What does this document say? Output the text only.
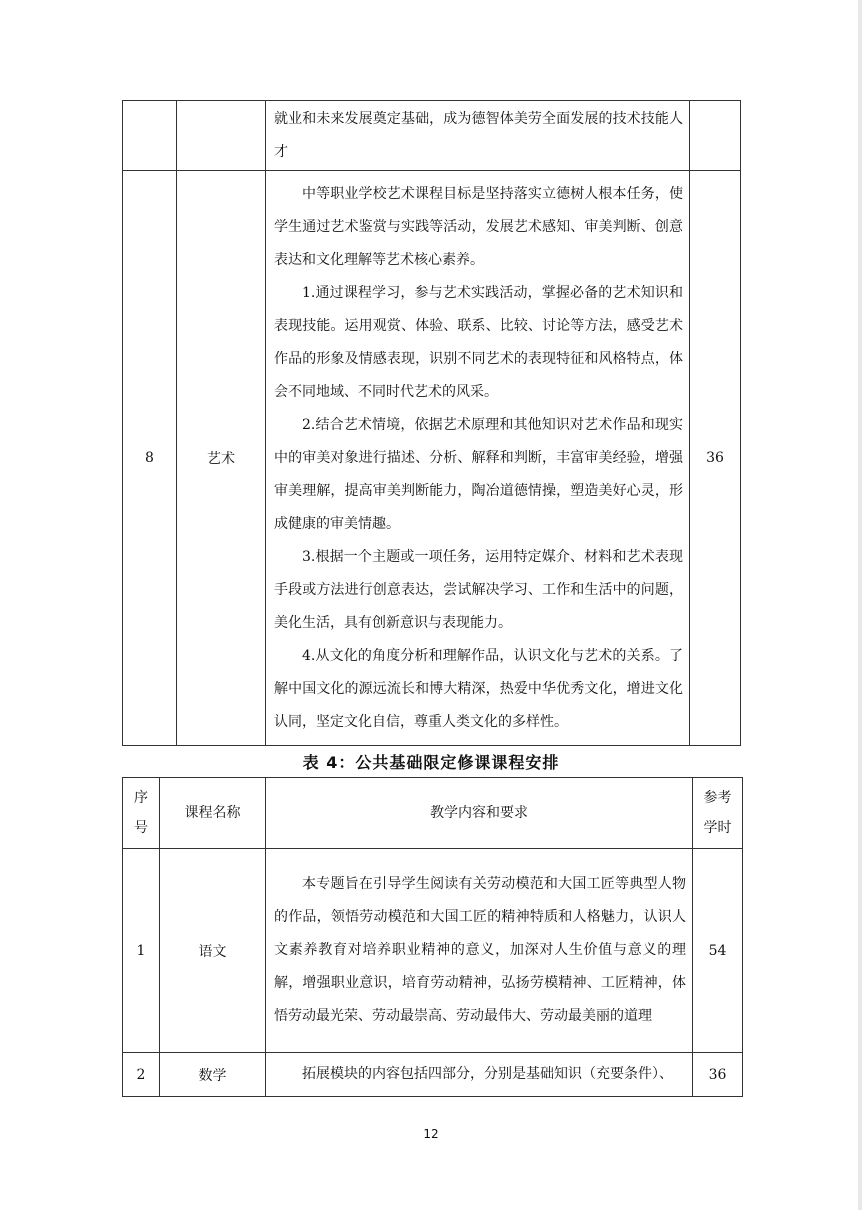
		就业和未来发展奠定基础，成为德智体美劳全面发展的技术技能人才	

8	艺术	中等职业学校艺术课程目标是坚持落实立德树人根本任务，使学生通过艺术鉴赏与实践等活动，发展艺术感知、审美判断、创意表达和文化理解等艺术核心素养。

1.通过课程学习，参与艺术实践活动，掌握必备的艺术知识和表现技能。运用观赏、体验、联系、比较、讨论等方法，感受艺术作品的形象及情感表现，识别不同艺术的表现特征和风格特点，体会不同地域、不同时代艺术的风采。

2.结合艺术情境，依据艺术原理和其他知识对艺术作品和现实中的审美对象进行描述、分析、解释和判断，丰富审美经验，增强审美理解，提高审美判断能力，陶冶道德情操，塑造美好心灵，形成健康的审美情趣。

3.根据一个主题或一项任务，运用特定媒介、材料和艺术表现手段或方法进行创意表达，尝试解决学习、工作和生活中的问题，美化生活，具有创新意识与表现能力。

4.从文化的角度分析和理解作品，认识文化与艺术的关系。了解中国文化的源远流长和博大精深，热爱中华优秀文化，增进文化认同，坚定文化自信，尊重人类文化的多样性。	36
表 4：公共基础限定修课课程安排
序号	课程名称	教学内容和要求	参考学时
1	语文	本专题旨在引导学生阅读有关劳动模范和大国工匠等典型人物的作品，领悟劳动模范和大国工匠的精神特质和人格魅力，认识人文素养教育对培养职业精神的意义，加深对人生价值与意义的理解，增强职业意识，培育劳动精神，弘扬劳模精神、工匠精神，体悟劳动最光荣、劳动最崇高、劳动最伟大、劳动最美丽的道理	54
2	数学	拓展模块的内容包括四部分，分别是基础知识（充要条件）、	36
12
